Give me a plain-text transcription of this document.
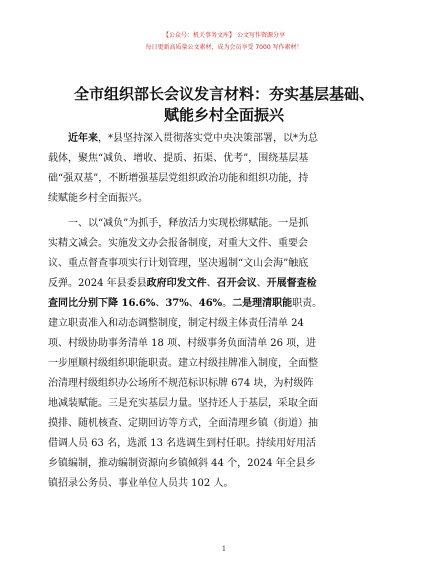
【公众号：机关事务文库】 公文写作资源分享
每日更新高质量公文素材，成为会员享受 7000 写作素材！
全市组织部长会议发言材料：夯实基层基础、
赋能乡村全面振兴
近年来，*县坚持深入贯彻落实党中央决策部署，以*为总
载体，聚焦“减负、增收、提质、拓渠、优考”，围绕基层基
础“强双基”，不断增强基层党组织政治功能和组织功能，持
续赋能乡村全面振兴。
一、以“减负”为抓手，释放活力实现松绑赋能。一是抓
实精文减会。实施发文办会报备制度，对重大文件、重要会
议、重点督查事项实行计划管理，坚决遏制“文山会海”触底
反弹。2024 年县委县政府印发文件、召开会议、开展督查检
查同比分别下降 16.6%、37%、46%。二是理清职能职责。
建立职责准入和动态调整制度，制定村级主体责任清单 24
项、村级协助事务清单 18 项、村级事务负面清单 26 项，进
一步厘顺村级组织职能职责。建立村级挂牌准入制度，全面整
治清理村级组织办公场所不规范标识标牌 674 块，为村级阵
地减装赋能。三是充实基层力量。坚持还人于基层，采取全面
摸排、随机核查、定期回访等方式，全面清理乡镇（街道）抽
借调人员 63 名，选派 13 名选调生到村任职。持续用好用活
乡镇编制，推动编制资源向乡镇倾斜 44 个，2024 年全县乡
镇招录公务员、事业单位人员共 102 人。
1
